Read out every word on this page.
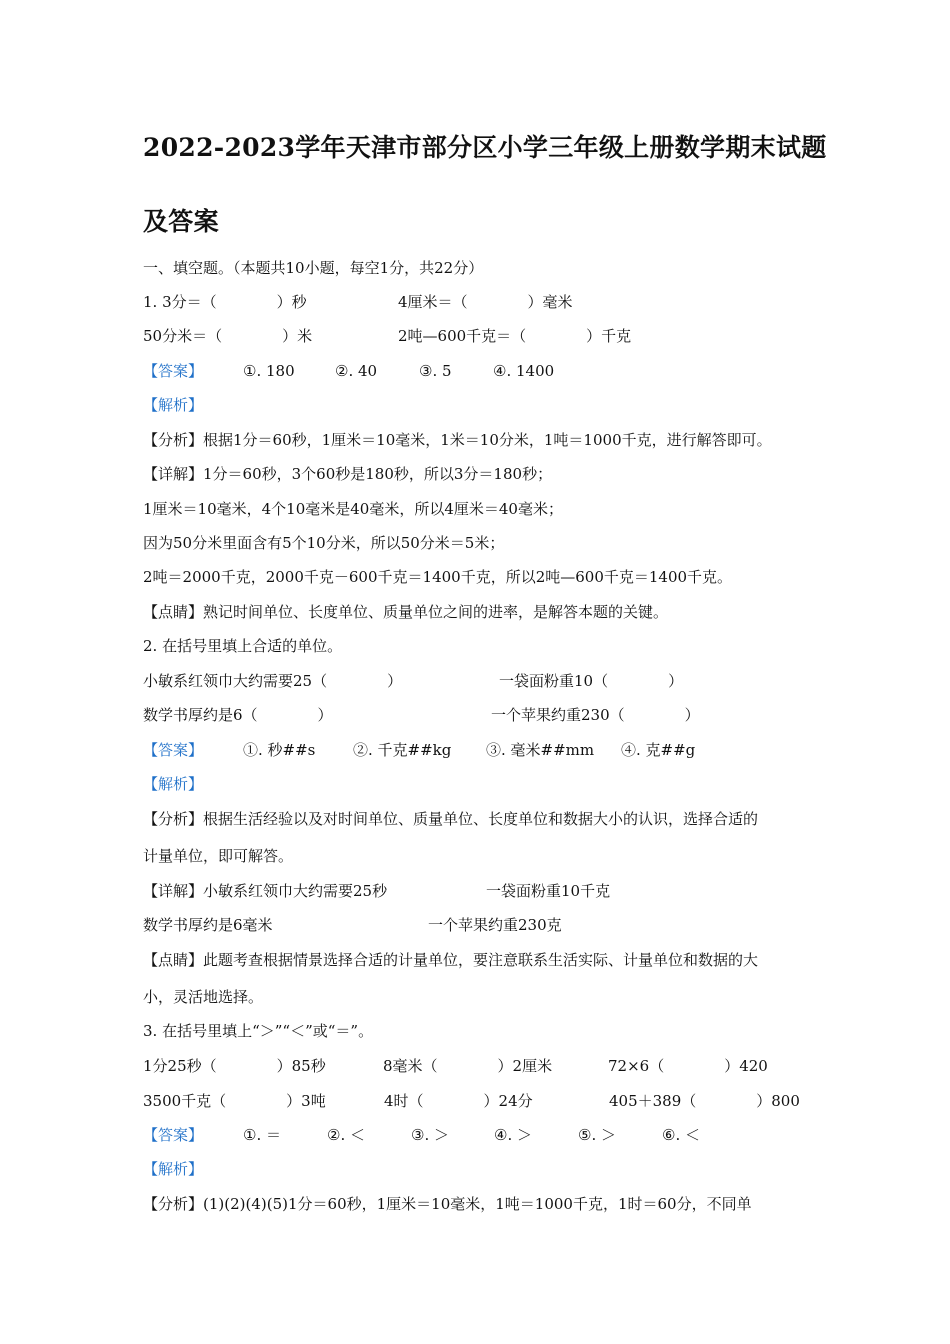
2022-2023学年天津市部分区小学三年级上册数学期末试题
及答案
一、填空题。（本题共10小题，每空1分，共22分）
1. 3分＝（　　　　）秒	4厘米＝（　　　　）毫米
50分米＝（　　　　）米	2吨—600千克＝（　　　　）千克
【答案】	①. 180	②. 40	③. 5	④. 1400
【解析】
【分析】根据1分＝60秒，1厘米＝10毫米，1米＝10分米，1吨＝1000千克，进行解答即可。
【详解】1分＝60秒，3个60秒是180秒，所以3分＝180秒；
1厘米＝10毫米，4个10毫米是40毫米，所以4厘米＝40毫米；
因为50分米里面含有5个10分米，所以50分米＝5米；
2吨＝2000千克，2000千克－600千克＝1400千克，所以2吨—600千克＝1400千克。
【点睛】熟记时间单位、长度单位、质量单位之间的进率，是解答本题的关键。
2. 在括号里填上合适的单位。
小敏系红领巾大约需要25（　　　　）	一袋面粉重10（　　　　）
数学书厚约是6（　　　　）	一个苹果约重230（　　　　）
【答案】	①. 秒##s	②. 千克##kg ③. 毫米##mm ④. 克##g
【解析】
【分析】根据生活经验以及对时间单位、质量单位、长度单位和数据大小的认识，选择合适的
计量单位，即可解答。
【详解】小敏系红领巾大约需要25秒	一袋面粉重10千克
数学书厚约是6毫米	一个苹果约重230克
【点睛】此题考查根据情景选择合适的计量单位，要注意联系生活实际、计量单位和数据的大
小，灵活地选择。
3. 在括号里填上“＞”“＜”或“＝”。
1分25秒（　　　　）85秒	8毫米（　　　　）2厘米	72×6（　　　　）420
3500千克（　　　　）3吨	4时（　　　　）24分	405＋389（　　　　）800
【答案】	①. ＝	②. ＜	③. ＞	④. ＞	⑤. ＞	⑥. ＜
【解析】
【分析】(1)(2)(4)(5)1分＝60秒，1厘米＝10毫米，1吨＝1000千克，1时＝60分，不同单
